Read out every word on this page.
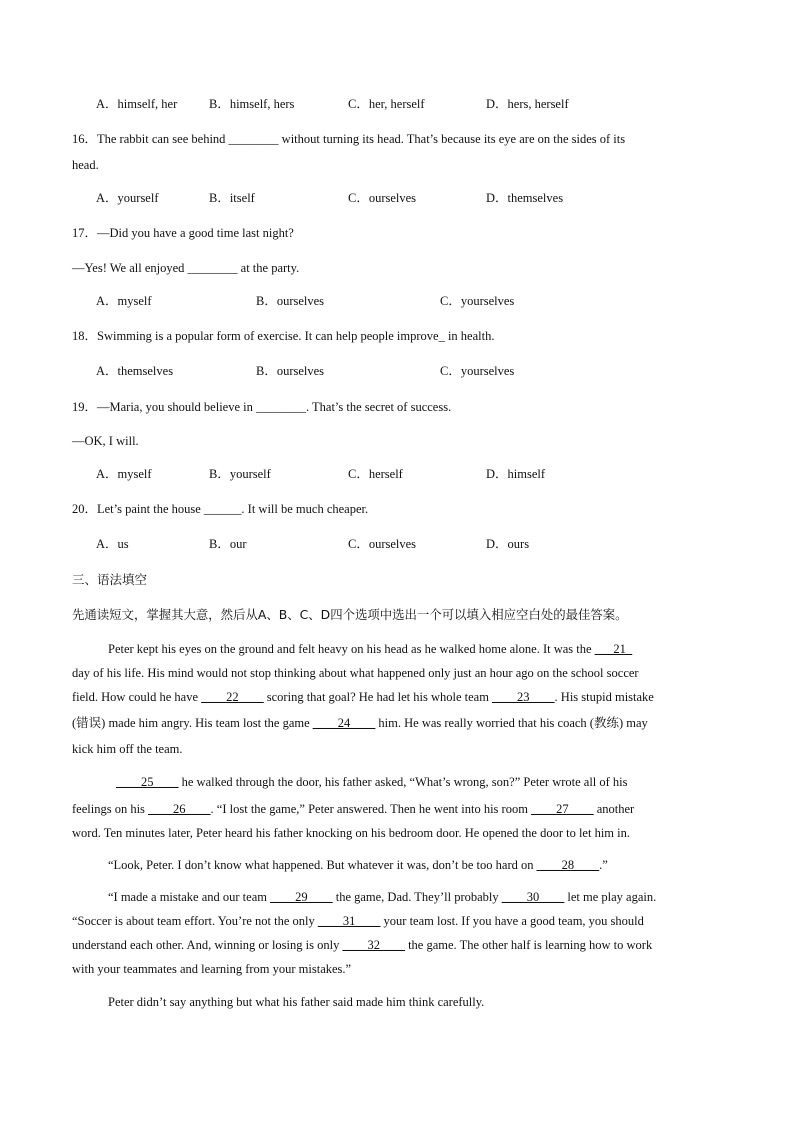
A．himself, her	B．himself, hers	C．her, herself	D．hers, herself
16．The rabbit can see behind ________ without turning its head. That’s because its eye are on the sides of its
head.
A．yourself	B．itself	C．ourselves	D．themselves
17．—Did you have a good time last night?
—Yes! We all enjoyed ________ at the party.
A．myself	B．ourselves	C．yourselves
18．Swimming is a popular form of exercise. It can help people improve_ in health.
A．themselves	B．ourselves	C．yourselves
19．—Maria, you should believe in ________. That’s the secret of success.
—OK, I will.
A．myself	B．yourself	C．herself	D．himself
20．Let’s paint the house ______. It will be much cheaper.
A．us	B．our	C．ourselves	D．ours
三、语法填空
先通读短文，掌握其大意，然后从A、B、C、D四个选项中选出一个可以填入相应空白处的最佳答案。
Peter kept his eyes on the ground and felt heavy on his head as he walked home alone. It was the ___21_
day of his life. His mind would not stop thinking about what happened only just an hour ago on the school soccer
field. How could he have ____22____ scoring that goal? He had let his whole team ____23____. His stupid mistake
(错误) made him angry. His team lost the game ____24____ him. He was really worried that his coach (教练) may
kick him off the team.
____25____ he walked through the door, his father asked, “What’s wrong, son?” Peter wrote all of his
feelings on his ____26____. “I lost the game,” Peter answered. Then he went into his room ____27____ another
word. Ten minutes later, Peter heard his father knocking on his bedroom door. He opened the door to let him in.
“Look, Peter. I don’t know what happened. But whatever it was, don’t be too hard on ____28____.”
“I made a mistake and our team ____29____ the game, Dad. They’ll probably ____30____ let me play again.
“Soccer is about team effort. You’re not the only ____31____ your team lost. If you have a good team, you should
understand each other. And, winning or losing is only ____32____ the game. The other half is learning how to work
with your teammates and learning from your mistakes.”
Peter didn’t say anything but what his father said made him think carefully.
